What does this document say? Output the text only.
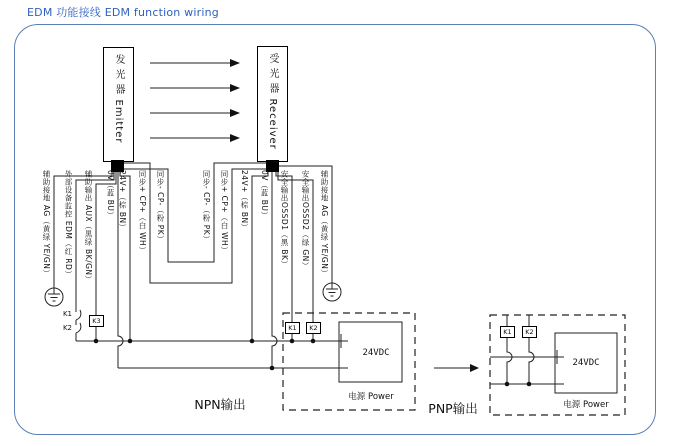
EDM 功能接线 EDM function wiring
发 光 器 Emitter	受 光 器 Receiver
辅助接地 AG（黄绿 YE/GN） 外部设备监控 EDM（红 RD） 辅助输出 AUX（黑绿 BK/GN） 0V（蓝 BU） 24V+（棕 BN） 同步+ CP+（白 WH） 同步- CP-（粉 PK）	同步- CP-（粉 PK） 同步+ CP+（白 WH） 24V+（棕 BN） 0V（蓝 BU） 安全输出OSSD1（黑 BK） 安全输出OSSD2（绿 GN） 辅助接地 AG（黄绿 YE/GN）
K1
K2
K3
K1	K2
24VDC
电源 Power
NPN输出
K1	K2
24VDC
电源 Power
PNP输出
